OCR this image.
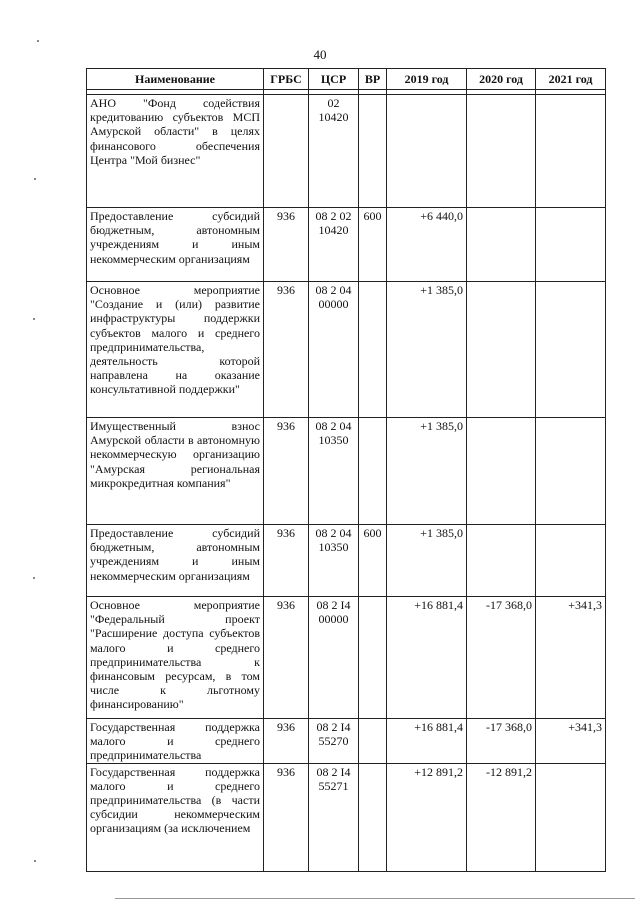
40
Наименование	ГРБС	ЦСР	ВР	2019 год	2020 год	2021 год

АНО "Фонд содействия кредитованию субъектов МСП Амурской области" в целях финансового обеспечения Центра "Мой бизнес"		02 10420				
Предоставление субсидий бюджетным, автономным учреждениям и иным некоммерческим организациям	936	08 2 02 10420	600	+6 440,0		
Основное мероприятие "Создание и (или) развитие инфраструктуры поддержки субъектов малого и среднего предпринимательства, деятельность которой направлена на оказание консультативной поддержки"	936	08 2 04 00000		+1 385,0		
Имущественный взнос Амурской области в автономную некоммерческую организацию "Амурская региональная микрокредитная компания"	936	08 2 04 10350		+1 385,0		
Предоставление субсидий бюджетным, автономным учреждениям и иным некоммерческим организациям	936	08 2 04 10350	600	+1 385,0		
Основное мероприятие "Федеральный проект "Расширение доступа субъектов малого и среднего предпринимательства к финансовым ресурсам, в том числе к льготному финансированию"	936	08 2 I4 00000		+16 881,4	-17 368,0	+341,3
Государственная поддержка малого и среднего предпринимательства	936	08 2 I4 55270		+16 881,4	-17 368,0	+341,3
Государственная поддержка малого и среднего предпринимательства (в части субсидии некоммерческим организациям (за исключением	936	08 2 I4 55271		+12 891,2	-12 891,2	
